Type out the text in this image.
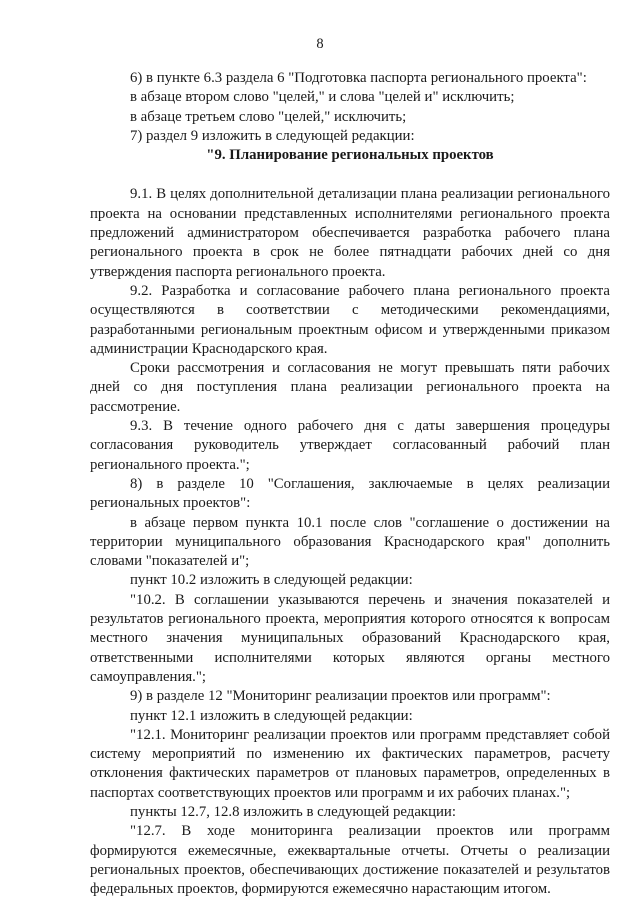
8

6) в пункте 6.3 раздела 6 "Подготовка паспорта регионального проекта":

в абзаце втором слово "целей," и слова "целей и" исключить;

в абзаце третьем слово "целей," исключить;

7) раздел 9 изложить в следующей редакции:

"9. Планирование региональных проектов

9.1. В целях дополнительной детализации плана реализации регионального проекта на основании представленных исполнителями регионального проекта предложений администратором обеспечивается разработка рабочего плана регионального проекта в срок не более пятнадцати рабочих дней со дня утверждения паспорта регионального проекта.

9.2. Разработка и согласование рабочего плана регионального проекта осуществляются в соответствии с методическими рекомендациями, разработанными региональным проектным офисом и утвержденными приказом администрации Краснодарского края.

Сроки рассмотрения и согласования не могут превышать пяти рабочих дней со дня поступления плана реализации регионального проекта на рассмотрение.

9.3. В течение одного рабочего дня с даты завершения процедуры согласования руководитель утверждает согласованный рабочий план регионального проекта.";

8) в разделе 10 "Соглашения, заключаемые в целях реализации региональных проектов":

в абзаце первом пункта 10.1 после слов "соглашение о достижении на территории муниципального образования Краснодарского края" дополнить словами "показателей и";

пункт 10.2 изложить в следующей редакции:

"10.2. В соглашении указываются перечень и значения показателей и результатов регионального проекта, мероприятия которого относятся к вопросам местного значения муниципальных образований Краснодарского края, ответственными исполнителями которых являются органы местного самоуправления.";

9) в разделе 12 "Мониторинг реализации проектов или программ":

пункт 12.1 изложить в следующей редакции:

"12.1. Мониторинг реализации проектов или программ представляет собой систему мероприятий по изменению их фактических параметров, расчету отклонения фактических параметров от плановых параметров, определенных в паспортах соответствующих проектов или программ и их рабочих планах.";

пункты 12.7, 12.8 изложить в следующей редакции:

"12.7. В ходе мониторинга реализации проектов или программ формируются ежемесячные, ежеквартальные отчеты. Отчеты о реализации региональных проектов, обеспечивающих достижение показателей и результатов федеральных проектов, формируются ежемесячно нарастающим итогом.
